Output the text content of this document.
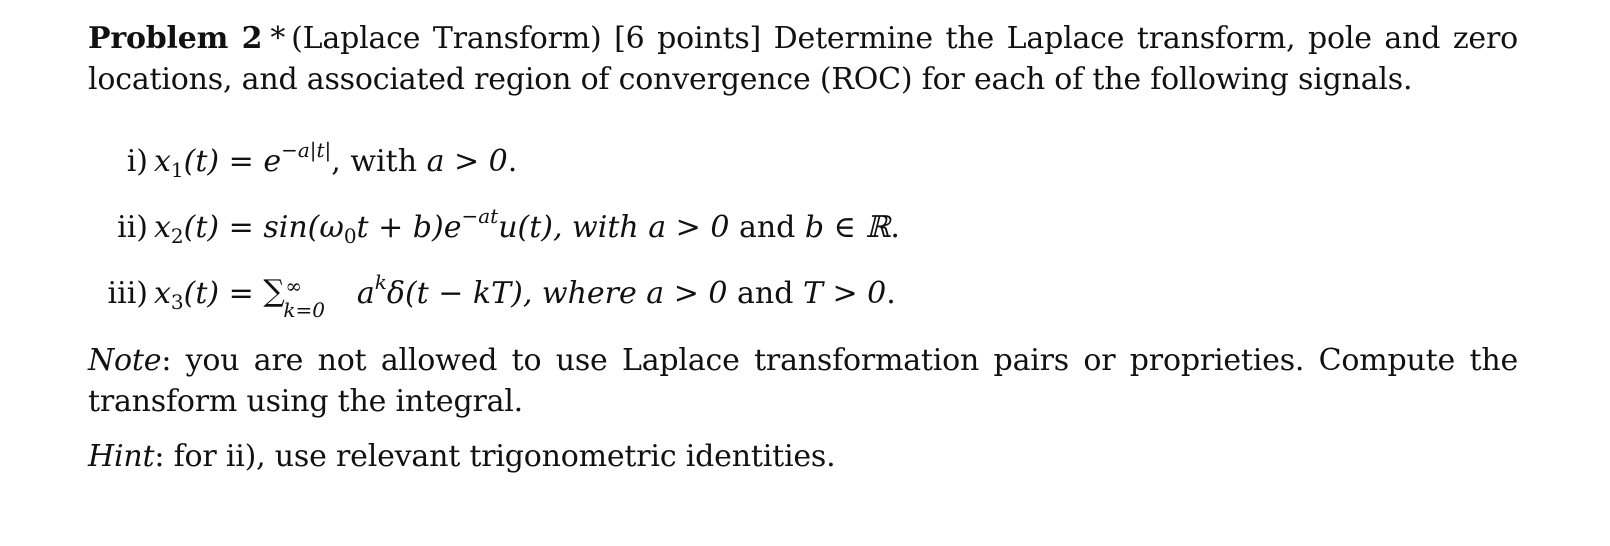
Problem 2 * (Laplace Transform) [6 points] Determine the Laplace transform, pole and zero locations, and associated region of convergence (ROC) for each of the following signals.

i) $x_1(t) = e^{-a|t|}$, with a > 0.
ii) $x_2(t) = \sin(\omega_0t + b)e^{-at}u(t)$, with a > 0 and b ∈ ℝ.
iii) $x_3(t)$ = ∑ ∞
k=0 $a^k\delta(t - kT)$, where a > 0 and T > 0.

Note: you are not allowed to use Laplace transformation pairs or proprieties. Compute the transform using the integral.

Hint: for ii), use relevant trigonometric identities.
